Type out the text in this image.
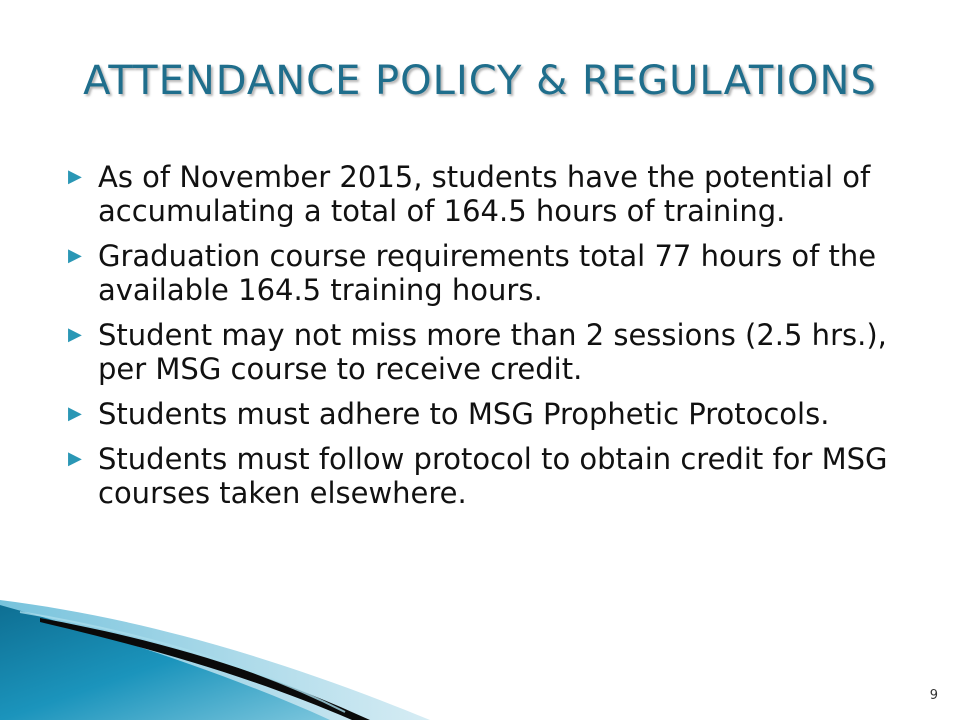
ATTENDANCE POLICY & REGULATIONS
▶ As of November 2015, students have the potential of accumulating a total of 164.5 hours of training.
▶ Graduation course requirements total 77 hours of the available 164.5 training hours.
▶ Student may not miss more than 2 sessions (2.5 hrs.), per MSG course to receive credit.
▶ Students must adhere to MSG Prophetic Protocols.
▶ Students must follow protocol to obtain credit for MSG courses taken elsewhere.
9
